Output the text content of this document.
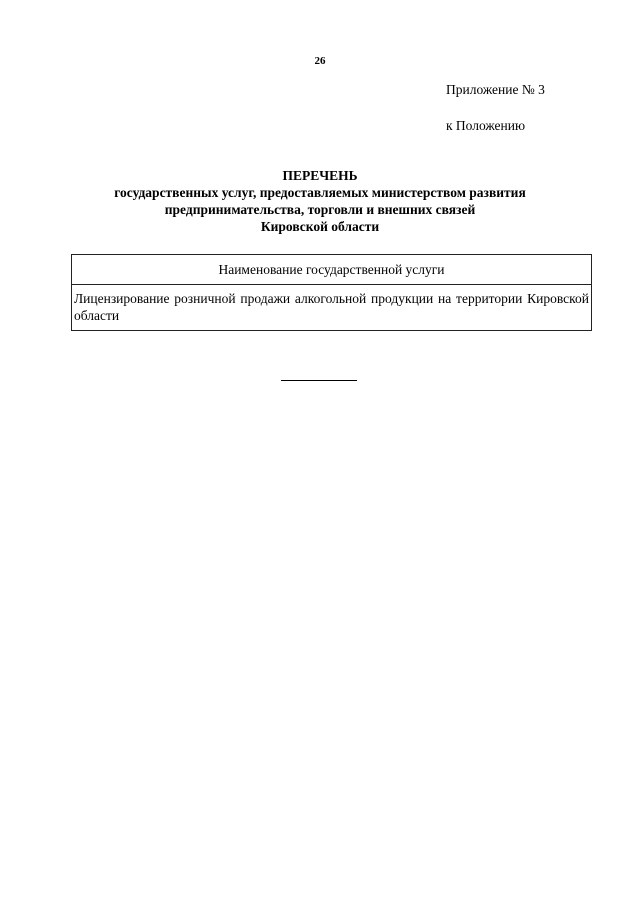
26
Приложение № 3
к Положению
ПЕРЕЧЕНЬ
государственных услуг, предоставляемых министерством развития
предпринимательства, торговли и внешних связей
Кировской области
Наименование государственной услуги
Лицензирование розничной продажи алкогольной продукции на территории Кировской области
